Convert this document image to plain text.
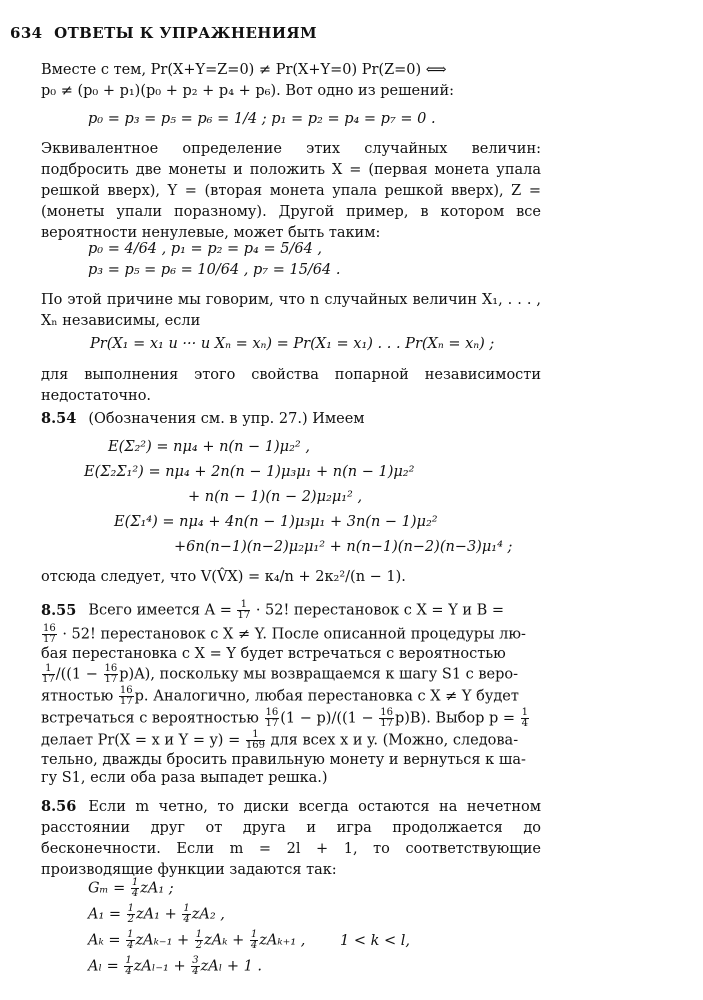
634 ОТВЕТЫ К УПРАЖНЕНИЯМ
Вместе с тем, Pr(X+Y=Z=0) ≠ Pr(X+Y=0) Pr(Z=0) ⟺
p₀ ≠ (p₀ + p₁)(p₀ + p₂ + p₄ + p₆). Вот одно из решений:
p₀ = p₃ = p₅ = p₆ = 1/4 ; p₁ = p₂ = p₄ = p₇ = 0 .
Эквивалентное определение этих случайных величин: подбросить две монеты и положить X = (первая монета упала решкой вверх), Y = (вторая монета упала решкой вверх), Z = (монеты упали поразному). Другой пример, в котором все вероятности ненулевые, может быть таким:
p₀ = 4/64 , p₁ = p₂ = p₄ = 5/64 ,
p₃ = p₅ = p₆ = 10/64 , p₇ = 15/64 .
По этой причине мы говорим, что n случайных величин X₁, . . . , Xₙ независимы, если
Pr(X₁ = x₁ и ··· и Xₙ = xₙ) = Pr(X₁ = x₁) . . . Pr(Xₙ = xₙ) ;
для выполнения этого свойства попарной независимости недостаточно.
8.54 (Обозначения см. в упр. 27.) Имеем
E(Σ₂²) = nμ₄ + n(n − 1)μ₂² ,
E(Σ₂Σ₁²) = nμ₄ + 2n(n − 1)μ₃μ₁ + n(n − 1)μ₂²
+ n(n − 1)(n − 2)μ₂μ₁² ,
E(Σ₁⁴) = nμ₄ + 4n(n − 1)μ₃μ₁ + 3n(n − 1)μ₂²
+6n(n−1)(n−2)μ₂μ₁² + n(n−1)(n−2)(n−3)μ₁⁴ ;
отсюда следует, что V(V̂X) = κ₄/n + 2κ₂²/(n − 1).
8.55 Всего имеется $A = \frac{1}{17} \cdot 52$! перестановок с X = Y и B =
$\frac{16}{17} \cdot 52$! перестановок с X ≠ Y. После описанной процедуры лю-
бая перестановка с X = Y будет встречаться с вероятностью
$\frac{1}{17} /((1 - \frac{16}{17} p)A)$, поскольку мы возвращаемся к шагу S1 с веро-
ятностью $\frac{16}{17} p$. Аналогично, любая перестановка с X ≠ Y будет
встречаться с вероятностью $\frac{16}{17} (1 - p)/((1 - \frac{16}{17} p)B)$. Выбор $p = \frac{1}{4}$
делает Pr(X = x и $Y = y) = \frac{1}{169}$ для всех x и y. (Можно, следова-
тельно, дважды бросить правильную монету и вернуться к ша-
гу S1, если оба раза выпадет решка.)
8.56 Если m четно, то диски всегда остаются на нечетном расстоянии друг от друга и игра продолжается до бесконечности. Если m = 2l + 1, то соответствующие производящие функции задаются так:
$G_m = \frac{1}{4} zA_1$ ;
$A_1 = \frac{1}{2} zA_1 + \frac{1}{4} zA_2$ ,
$A_k = \frac{1}{4} zA_{k-1} + \frac{1}{2}$ $zA_k + \frac{1}{4} zA_{k+1}$ , 1 < k < l,
$A_l = \frac{1}{4} zA_{l-1} + \frac{3}{4}$ zAₗ + 1 .
